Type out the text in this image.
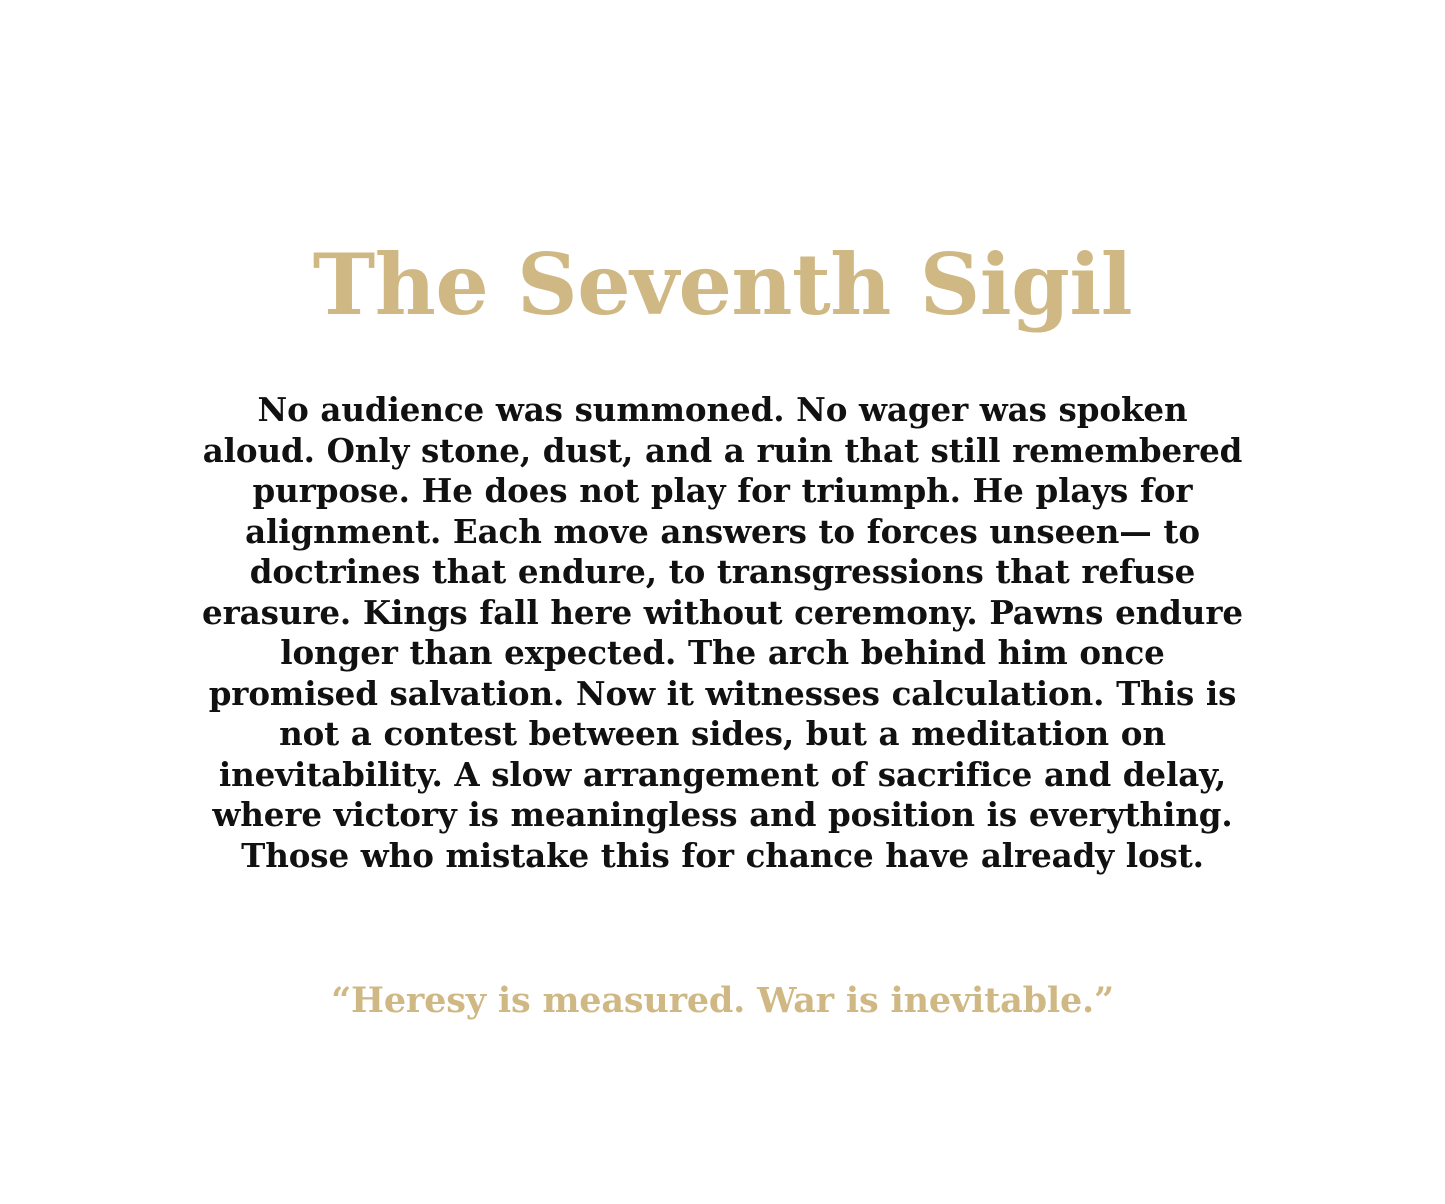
The Seventh Sigil

No audience was summoned. No wager was spoken aloud. Only stone, dust, and a ruin that still remembered purpose. He does not play for triumph. He plays for alignment. Each move answers to forces unseen— to doctrines that endure, to transgressions that refuse erasure. Kings fall here without ceremony. Pawns endure longer than expected. The arch behind him once promised salvation. Now it witnesses calculation. This is not a contest between sides, but a meditation on inevitability. A slow arrangement of sacrifice and delay, where victory is meaningless and position is everything. Those who mistake this for chance have already lost.

“Heresy is measured. War is inevitable.”
